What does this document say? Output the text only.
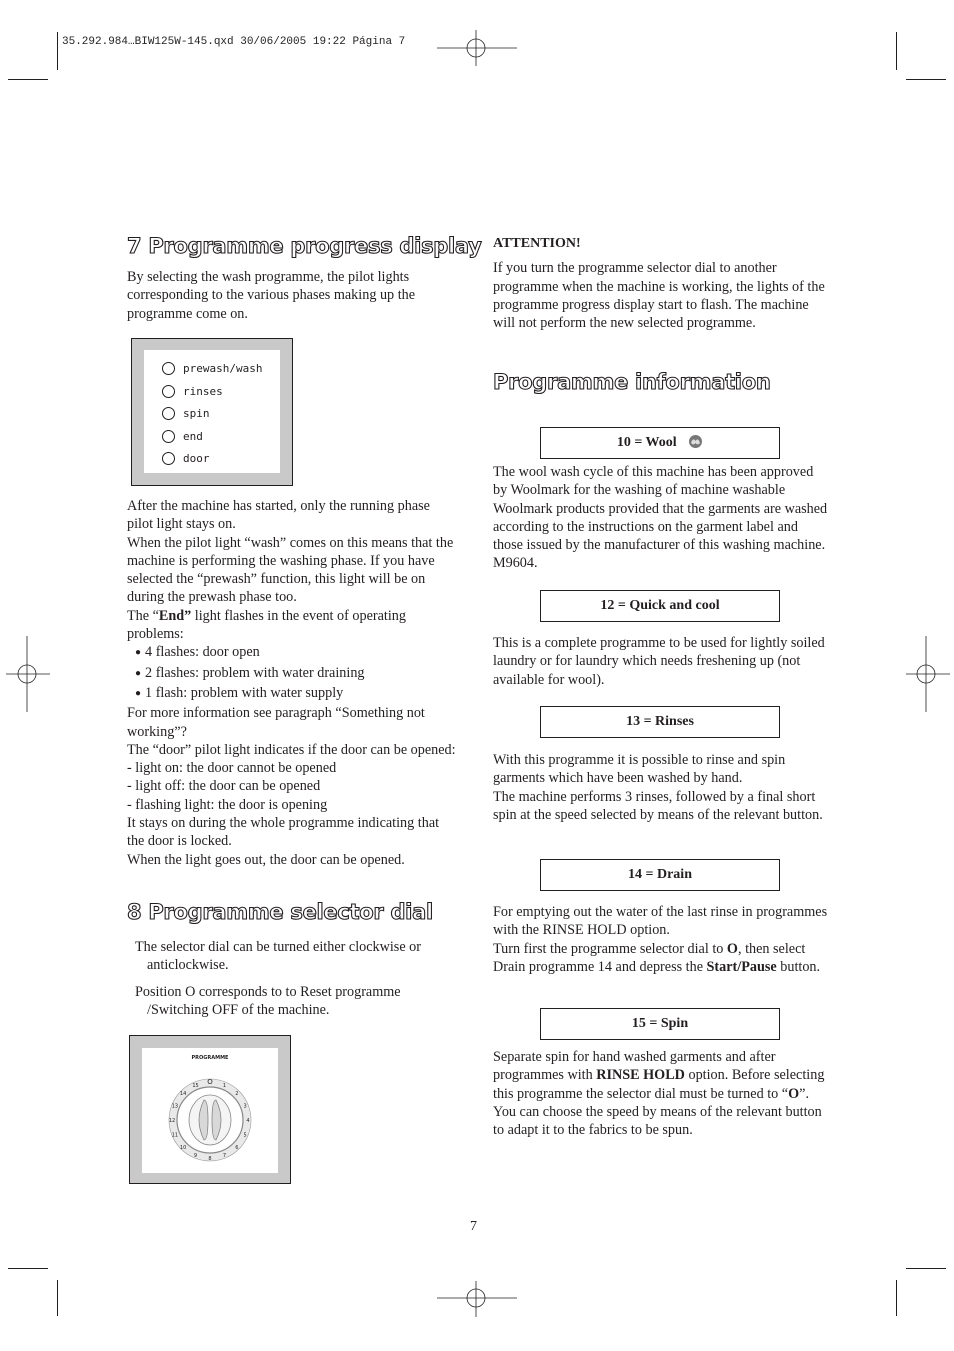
35.292.984…BIW125W-145.qxd 30/06/2005 19:22 Página 7
7 Programme progress display

By selecting the wash programme, the pilot lights corresponding to the various phases making up the programme come on.

prewash/wash
rinses
spin
end
door

After the machine has started, only the running phase pilot light stays on.

When the pilot light “wash” comes on this means that the machine is performing the washing phase. If you have selected the “prewash” function, this light will be on during the prewash phase too.

The “End” light flashes in the event of operating problems:

● 4 flashes: door open

● 2 flashes: problem with water draining

● 1 flash: problem with water supply

For more information see paragraph “Something not working”?

The “door” pilot light indicates if the door can be opened:

- light on: the door cannot be opened

- light off: the door can be opened

- flashing light: the door is opening

It stays on during the whole programme indicating that the door is locked.

When the light goes out, the door can be opened.

8 Programme selector dial

The selector dial can be turned either clockwise or anticlockwise.

Position O corresponds to to Reset programme /Switching OFF of the machine.

PROGRAMME
O 1
2
3
4
5
6
7
8
9
10
11
12
13
14
15

ATTENTION!

If you turn the programme selector dial to another programme when the machine is working, the lights of the programme progress display start to flash. The machine will not perform the new selected programme.

Programme information
10 = Wool

The wool wash cycle of this machine has been approved by Woolmark for the washing of machine washable Woolmark products provided that the garments are washed according to the instructions on the garment label and those issued by the manufacturer of this washing machine. M9604.

12 = Quick and cool

This is a complete programme to be used for lightly soiled laundry or for laundry which needs freshening up (not available for wool).

13 = Rinses

With this programme it is possible to rinse and spin garments which have been washed by hand.

The machine performs 3 rinses, followed by a final short spin at the speed selected by means of the relevant button.

14 = Drain

For emptying out the water of the last rinse in programmes with the RINSE HOLD option.

Turn first the programme selector dial to O, then select Drain programme 14 and depress the Start/Pause button.

15 = Spin

Separate spin for hand washed garments and after programmes with RINSE HOLD option. Before selecting this programme the selector dial must be turned to “O”. You can choose the speed by means of the relevant button to adapt it to the fabrics to be spun.

7
